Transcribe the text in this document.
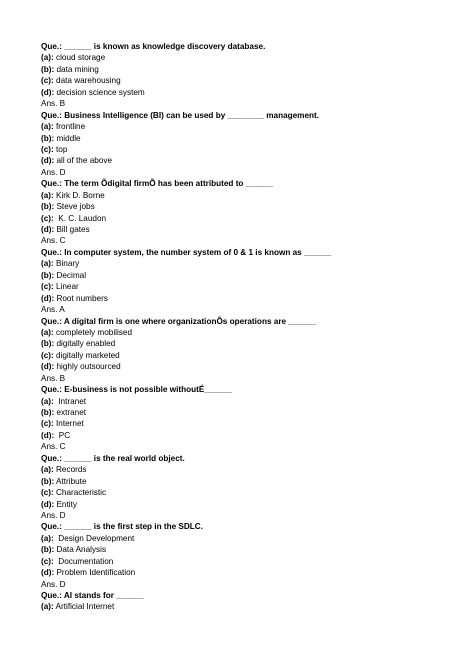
Que.: ______ is known as knowledge discovery database.
(a): cloud storage
(b): data mining
(c): data warehousing
(d): decision science system
Ans. B
Que.: Business Intelligence (BI) can be used by ________ management.
(a): frontline
(b): middle
(c): top
(d): all of the above
Ans. D
Que.: The term Õdigital firmÕ has been attributed to ______
(a): Kirk D. Borne
(b): Steve jobs
(c):  K. C. Laudon
(d): Bill gates
Ans. C
Que.: In computer system, the number system of 0 & 1 is known as ______
(a): Binary
(b): Decimal
(c): Linear
(d): Root numbers
Ans. A
Que.: A digital firm is one where organizationÕs operations are ______
(a): completely mobilised
(b): digitally enabled
(c): digitally marketed
(d): highly outsourced
Ans. B
Que.: E-business is not possible withoutÉ______
(a):  Intranet
(b): extranet
(c): Internet
(d):  PC
Ans. C
Que.: ______ is the real world object.
(a): Records
(b): Attribute
(c): Characteristic
(d): Entity
Ans. D
Que.: ______ is the first step in the SDLC.
(a):  Design Development
(b): Data Analysis
(c):  Documentation
(d): Problem Identification
Ans. D
Que.: AI stands for ______
(a): Artificial Internet
